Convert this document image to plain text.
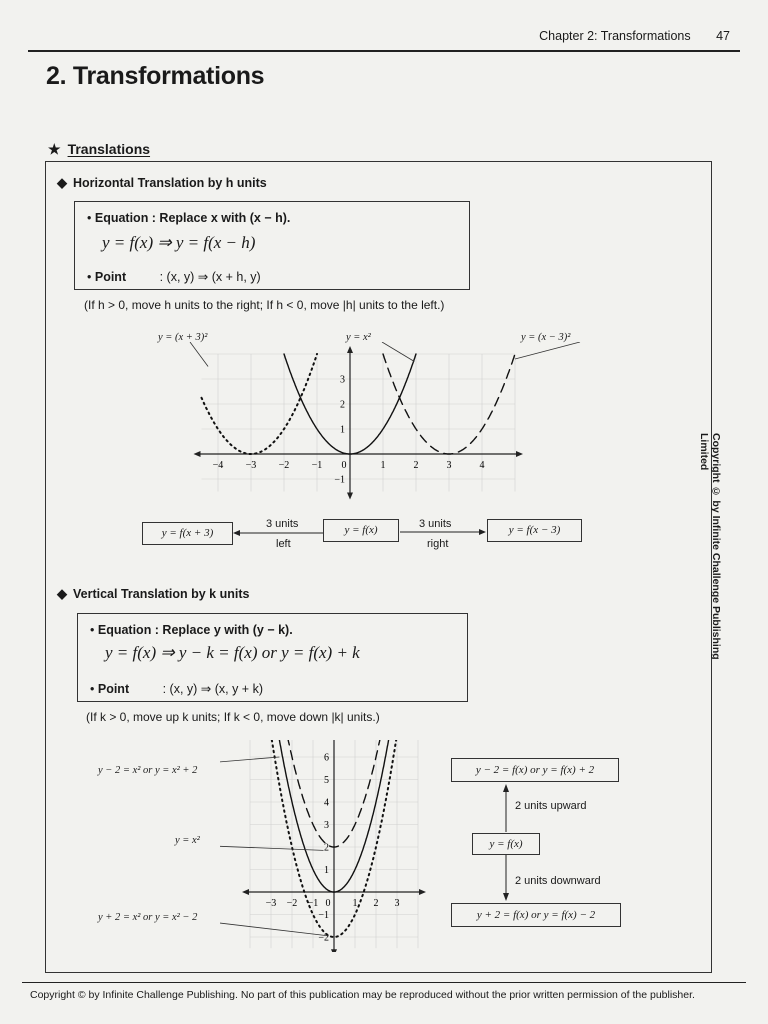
Chapter 2: Transformations 47
2. Transformations
★ Translations
◆ Horizontal Translation by h units
• Equation : Replace x with (x − h).
y = f(x) ⇒ y = f(x − h)
• Point	: (x, y) ⇒ (x + h, y)
(If h > 0, move h units to the right; If h < 0, move |h| units to the left.)
y = (x + 3)²	y = x²	y = (x − 3)²
−4 −3 −2 −1 0	1	2	3	4
−1
1
2
3
y = f(x + 3)	y = f(x)	y = f(x − 3)
3 units
left
3 units
right
◆ Vertical Translation by k units
• Equation : Replace y with (y − k).
y = f(x) ⇒ y − k = f(x) or y = f(x) + k
• Point	: (x, y) ⇒ (x, y + k)
(If k > 0, move up k units; If k < 0, move down |k| units.)
y − 2 = x² or y = x² + 2
y = x²
y + 2 = x² or y = x² − 2
−3 −2 −1 0 1 2 3
−2
−1
1
2
3
4
5
6
y − 2 = f(x) or y = f(x) + 2
y = f(x)
y + 2 = f(x) or y = f(x) − 2
2 units upward
2 units downward
Copyright © by Infinite Challenge Publishing Limited
Copyright © by Infinite Challenge Publishing. No part of this publication may be reproduced without the prior written permission of the publisher.
